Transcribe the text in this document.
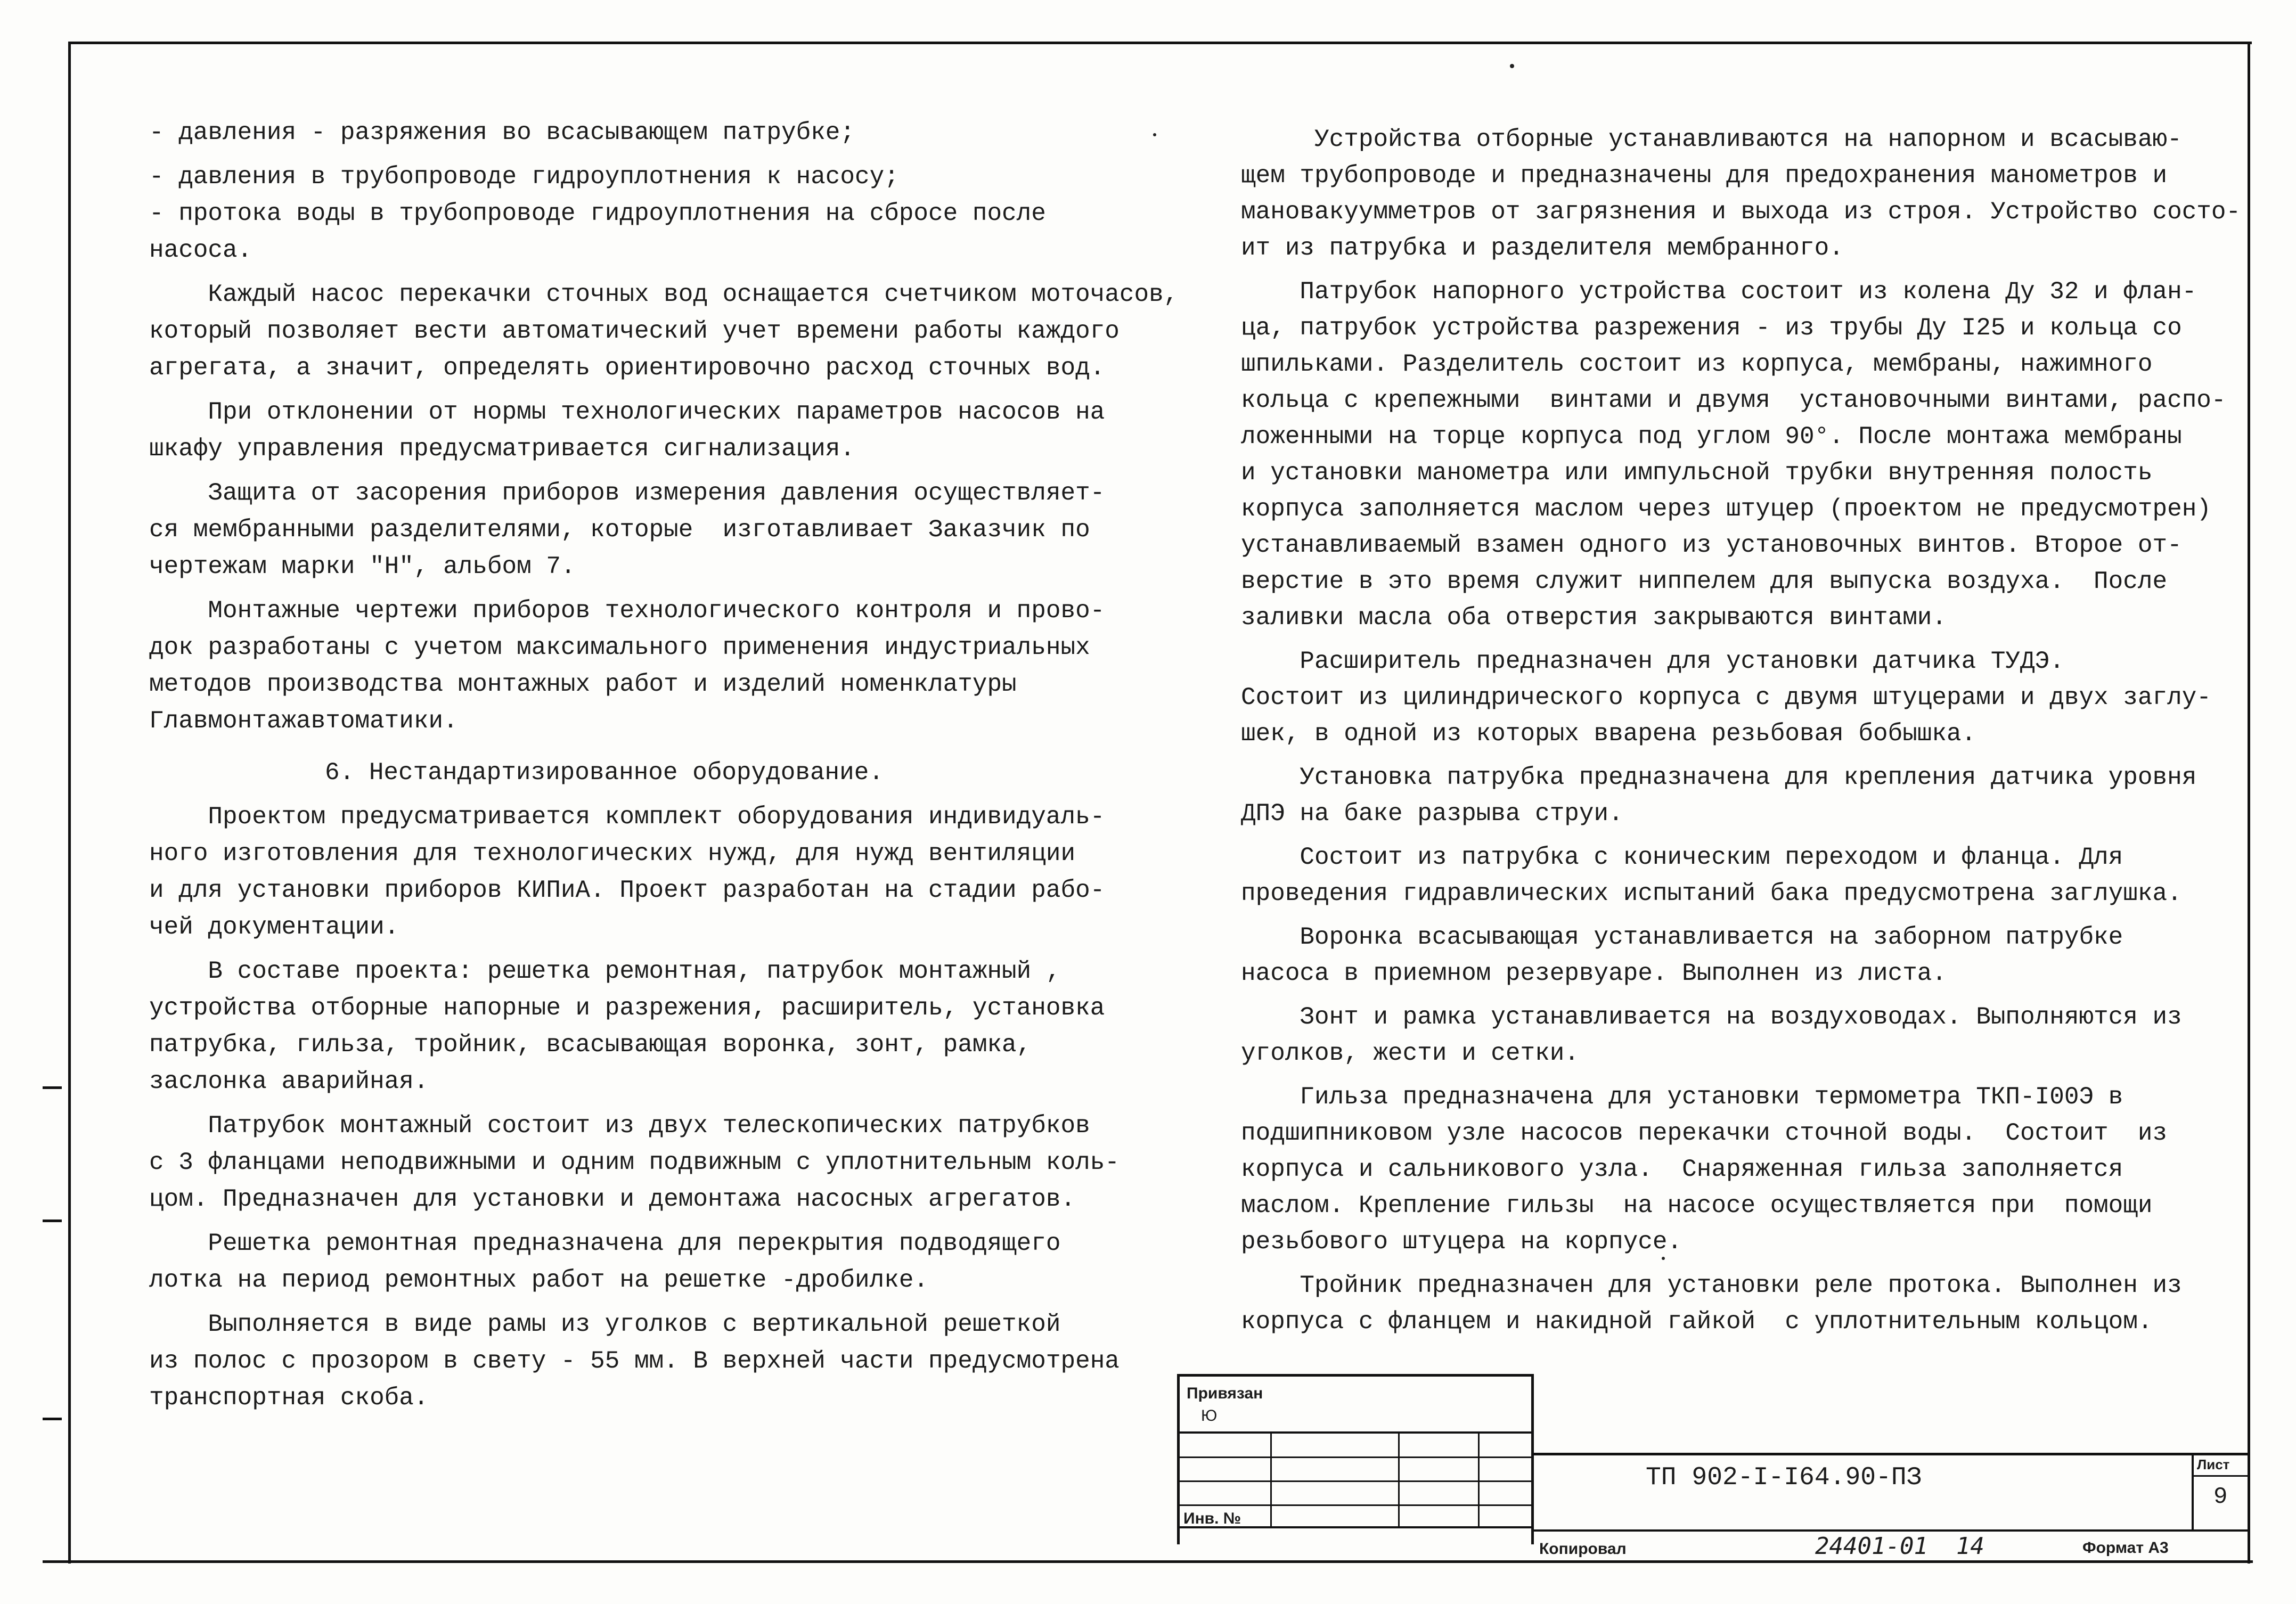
- давления - разряжения во всасывающем патрубке;

- давления в трубопроводе гидроуплотнения к насосу;

- протока воды в трубопроводе гидроуплотнения на сбросе после

насоса.

Каждый насос перекачки сточных вод оснащается счетчиком моточасов,

который позволяет вести автоматический учет времени работы каждого

агрегата, а значит, определять ориентировочно расход сточных вод.

При отклонении от нормы технологических параметров насосов на

шкафу управления предусматривается сигнализация.

Защита от засорения приборов измерения давления осуществляет-

ся мембранными разделителями, которые  изготавливает Заказчик по

чертежам марки "Н", альбом 7.

Монтажные чертежи приборов технологического контроля и прово-

док разработаны с учетом максимального применения индустриальных

методов производства монтажных работ и изделий номенклатуры

Главмонтажавтоматики.

6. Нестандартизированное оборудование.

Проектом предусматривается комплект оборудования индивидуаль-

ного изготовления для технологических нужд, для нужд вентиляции

и для установки приборов КИПиА. Проект разработан на стадии рабо-

чей документации.

В составе проекта: решетка ремонтная, патрубок монтажный ,

устройства отборные напорные и разрежения, расширитель, установка

патрубка, гильза, тройник, всасывающая воронка, зонт, рамка,

заслонка аварийная.

Патрубок монтажный состоит из двух телескопических патрубков

с 3 фланцами неподвижными и одним подвижным с уплотнительным коль-

цом. Предназначен для установки и демонтажа насосных агрегатов.

Решетка ремонтная предназначена для перекрытия подводящего

лотка на период ремонтных работ на решетке -дробилке.

Выполняется в виде рамы из уголков с вертикальной решеткой

из полос с прозором в свету - 55 мм. В верхней части предусмотрена

транспортная скоба.

Устройства отборные устанавливаются на напорном и всасываю-

щем трубопроводе и предназначены для предохранения манометров и

мановакуумметров от загрязнения и выхода из строя. Устройство состо-

ит из патрубка и разделителя мембранного.

Патрубок напорного устройства состоит из колена Ду 32 и флан-

ца, патрубок устройства разрежения - из трубы Ду I25 и кольца со

шпильками. Разделитель состоит из корпуса, мембраны, нажимного

кольца с крепежными  винтами и двумя  установочными винтами, распо-

ложенными на торце корпуса под углом 90°. После монтажа мембраны

и установки манометра или импульсной трубки внутренняя полость

корпуса заполняется маслом через штуцер (проектом не предусмотрен)

устанавливаемый взамен одного из установочных винтов. Второе от-

верстие в это время служит ниппелем для выпуска воздуха.  После

заливки масла оба отверстия закрываются винтами.

Расширитель предназначен для установки датчика ТУДЭ.

Состоит из цилиндрического корпуса с двумя штуцерами и двух заглу-

шек, в одной из которых вварена резьбовая бобышка.

Установка патрубка предназначена для крепления датчика уровня

ДПЭ на баке разрыва струи.

Состоит из патрубка с коническим переходом и фланца. Для

проведения гидравлических испытаний бака предусмотрена заглушка.

Воронка всасывающая устанавливается на заборном патрубке

насоса в приемном резервуаре. Выполнен из листа.

Зонт и рамка устанавливается на воздуховодах. Выполняются из

уголков, жести и сетки.

Гильза предназначена для установки термометра ТКП-I00Э в

подшипниковом узле насосов перекачки сточной воды.  Состоит  из

корпуса и сальникового узла.  Снаряженная гильза заполняется

маслом. Крепление гильзы  на насосе осуществляется при  помощи

резьбового штуцера на корпусе.

Тройник предназначен для установки реле протока. Выполнен из

корпуса с фланцем и накидной гайкой  с уплотнительным кольцом.

Привязан
Ю
Инв. №
ТП 902-I-I64.90-ПЗ	Лист
9
Копировал	24401-01  14	Формат А3
